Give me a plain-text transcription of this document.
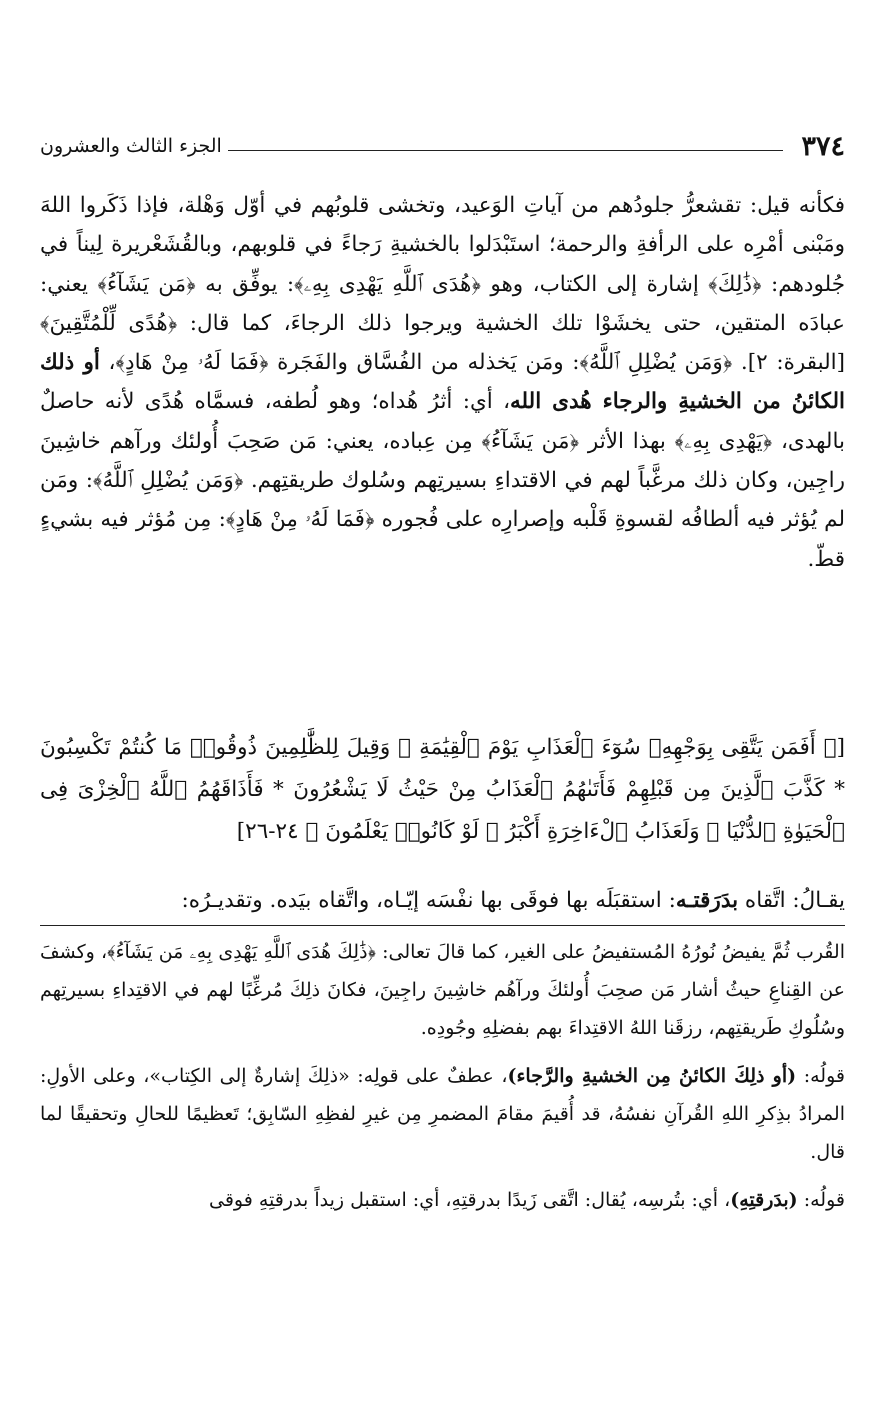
٣٧٤
الجزء الثالث والعشرون

فكأنه قيل: تقشعرُّ جلودُهم من آياتِ الوَعيد، وتخشى قلوبُهم في أوّل وَهْلة، فإذا ذَكَروا اللهَ ومَبْنى أمْرِه على الرأفةِ والرحمة؛ استَبْدَلوا بالخشيةِ رَجاءً في قلوبهم، وبالقُشَعْريرة لِيناً في جُلودهم: ﴿ذَٰلِكَ﴾ إشارة إلى الكتاب، وهو ﴿هُدَى ٱللَّهِ يَهْدِى بِهِۦ﴾: يوفِّق به ﴿مَن يَشَآءُ﴾ يعني: عبادَه المتقين، حتى يخشَوْا تلك الخشية ويرجوا ذلك الرجاءَ، كما قال: ﴿هُدًى لِّلْمُتَّقِينَ﴾ [البقرة: ٢]. ﴿وَمَن يُضْلِلِ ٱللَّهُ﴾: ومَن يَخذله من الفُسَّاق والفَجَرة ﴿فَمَا لَهُۥ مِنْ هَادٍ﴾، أو ذلك الكائنُ من الخشيةِ والرجاء هُدى الله، أي: أثرُ هُداه؛ وهو لُطفه، فسمَّاه هُدًى لأنه حاصلٌ بالهدى، ﴿يَهْدِى بِهِۦ﴾ بهذا الأثر ﴿مَن يَشَآءُ﴾ مِن عِباده، يعني: مَن صَحِبَ أُولئك ورآهم خاشِينَ راجِين، وكان ذلك مرغَّباً لهم في الاقتداءِ بسيرتِهم وسُلوك طريقتِهم. ﴿وَمَن يُضْلِلِ ٱللَّهُ﴾: ومَن لم يُؤثر فيه ألطافُه لقسوةِ قَلْبه وإصرارِه على فُجوره ﴿فَمَا لَهُۥ مِنْ هَادٍ﴾: مِن مُؤثر فيه بشيءٍ قطّ.

[﴿ أَفَمَن يَتَّقِى بِوَجْهِهِۦ سُوٓءَ ٱلْعَذَابِ يَوْمَ ٱلْقِيَٰمَةِ ۚ وَقِيلَ لِلظَّٰلِمِينَ ذُوقُوا۟ مَا كُنتُمْ تَكْسِبُونَ * كَذَّبَ ٱلَّذِينَ مِن قَبْلِهِمْ فَأَتَىٰهُمُ ٱلْعَذَابُ مِنْ حَيْثُ لَا يَشْعُرُونَ * فَأَذَاقَهُمُ ٱللَّهُ ٱلْخِزْىَ فِى ٱلْحَيَوٰةِ ٱلدُّنْيَا ۖ وَلَعَذَابُ ٱلْءَاخِرَةِ أَكْبَرُ ۚ لَوْ كَانُوا۟ يَعْلَمُونَ ﴾ ٢٤-٢٦]

يقـالُ: اتَّقاه بدَرَقتـه: استقبَلَه بها فوقَى بها نفْسَه إيّـاه، واتَّقاه بيَده. وتقديـرُه:

القُرب ثُمَّ يفيضُ نُورُهُ المُستفيضُ على الغير، كما قالَ تعالى: ﴿ذَٰلِكَ هُدَى ٱللَّهِ يَهْدِى بِهِۦ مَن يَشَآءُ﴾، وكشفَ عن القِناعِ حيثُ أشار مَن صحِبَ أُولئكَ ورآهُم خاشِينَ راجِينَ، فكانَ ذلِكَ مُرغِّبًا لهم في الاقتِداءِ بسيرتِهم وسُلُوكِ طَريقتِهم، رزقَنا اللهُ الاقتِداءَ بهم بفضلِهِ وجُودِه.

قولُه: (أو ذلِكَ الكائنُ مِن الخشيةِ والرَّجاء)، عطفٌ على قولِه: «ذلِكَ إشارةٌ إلى الكِتاب»، وعلى الأولِ: المرادُ بذِكرِ اللهِ القُرآنِ نفسُهُ، قد أُقيمَ مقامَ المضمرِ مِن غيرِ لفظِهِ السّابِق؛ تَعظيمًا للحالِ وتحقيقًا لما قال.

قولُه: (بدَرقتِهِ)، أي: بتُرسِه، يُقال: اتَّقى زَيدًا بدرقتِهِ، أي: استقبل زيداً بدرقتِهِ فوقى
